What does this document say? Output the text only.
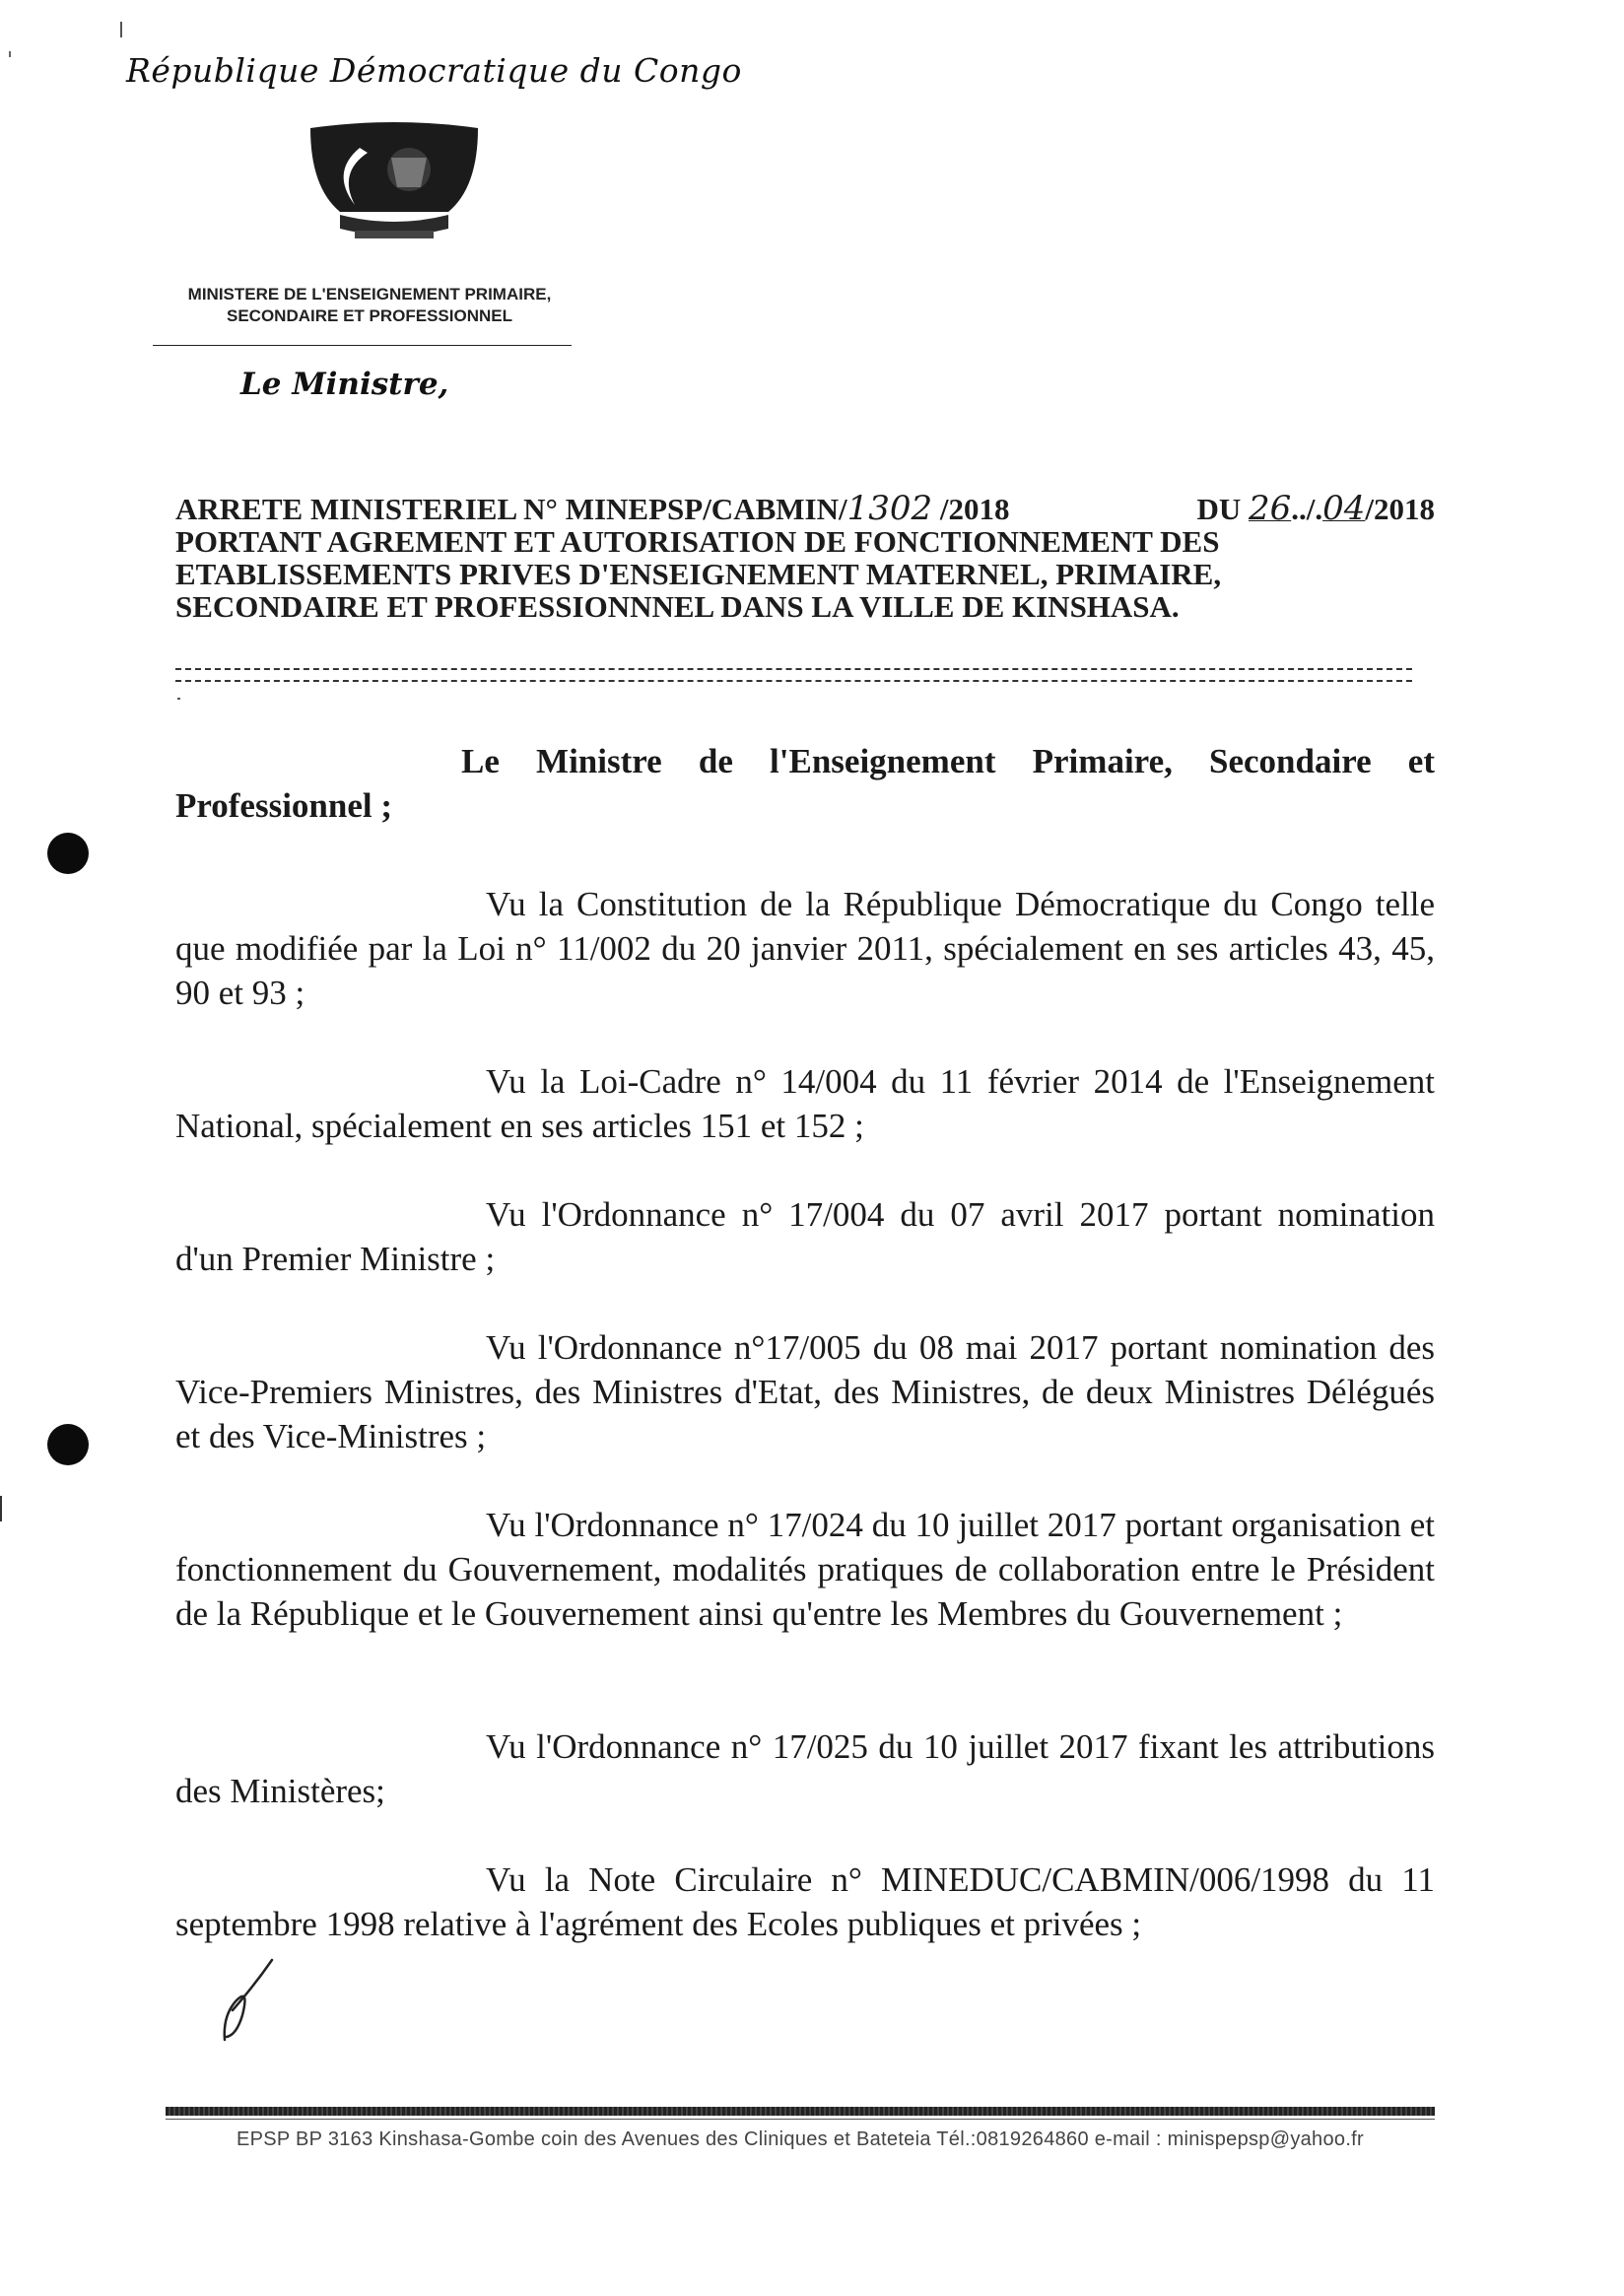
République Démocratique du Congo
MINISTERE DE L'ENSEIGNEMENT PRIMAIRE,
SECONDAIRE ET PROFESSIONNEL
Le Ministre,
ARRETE MINISTERIEL N° MINEPSP/CABMIN/1302 /2018	DU 26../.04/2018
PORTANT AGREMENT ET AUTORISATION DE FONCTIONNEMENT DES
ETABLISSEMENTS PRIVES D'ENSEIGNEMENT MATERNEL, PRIMAIRE,
SECONDAIRE ET PROFESSIONNNEL DANS LA VILLE DE KINSHASA.

Le Ministre de l'Enseignement Primaire, Secondaire et Professionnel ;

Vu la Constitution de la République Démocratique du Congo telle que modifiée par la Loi n° 11/002 du 20 janvier 2011, spécialement en ses articles 43, 45, 90 et 93 ;

Vu la Loi-Cadre n° 14/004 du 11 février 2014 de l'Enseignement National, spécialement en ses articles 151 et 152 ;

Vu l'Ordonnance n° 17/004 du 07 avril 2017 portant nomination d'un Premier Ministre ;

Vu l'Ordonnance n°17/005 du 08 mai 2017 portant nomination des Vice-Premiers Ministres, des Ministres d'Etat, des Ministres, de deux Ministres Délégués et des Vice-Ministres ;

Vu l'Ordonnance n° 17/024 du 10 juillet 2017 portant organisation et fonctionnement du Gouvernement, modalités pratiques de collaboration entre le Président de la République et le Gouvernement ainsi qu'entre les Membres du Gouvernement ;

Vu l'Ordonnance n° 17/025 du 10 juillet 2017 fixant les attributions des Ministères;

Vu la Note Circulaire n° MINEDUC/CABMIN/006/1998 du 11 septembre 1998 relative à l'agrément des Ecoles publiques et privées ;

EPSP BP 3163 Kinshasa-Gombe coin des Avenues des Cliniques et Bateteia Tél.:0819264860 e-mail : minispepsp@yahoo.fr
